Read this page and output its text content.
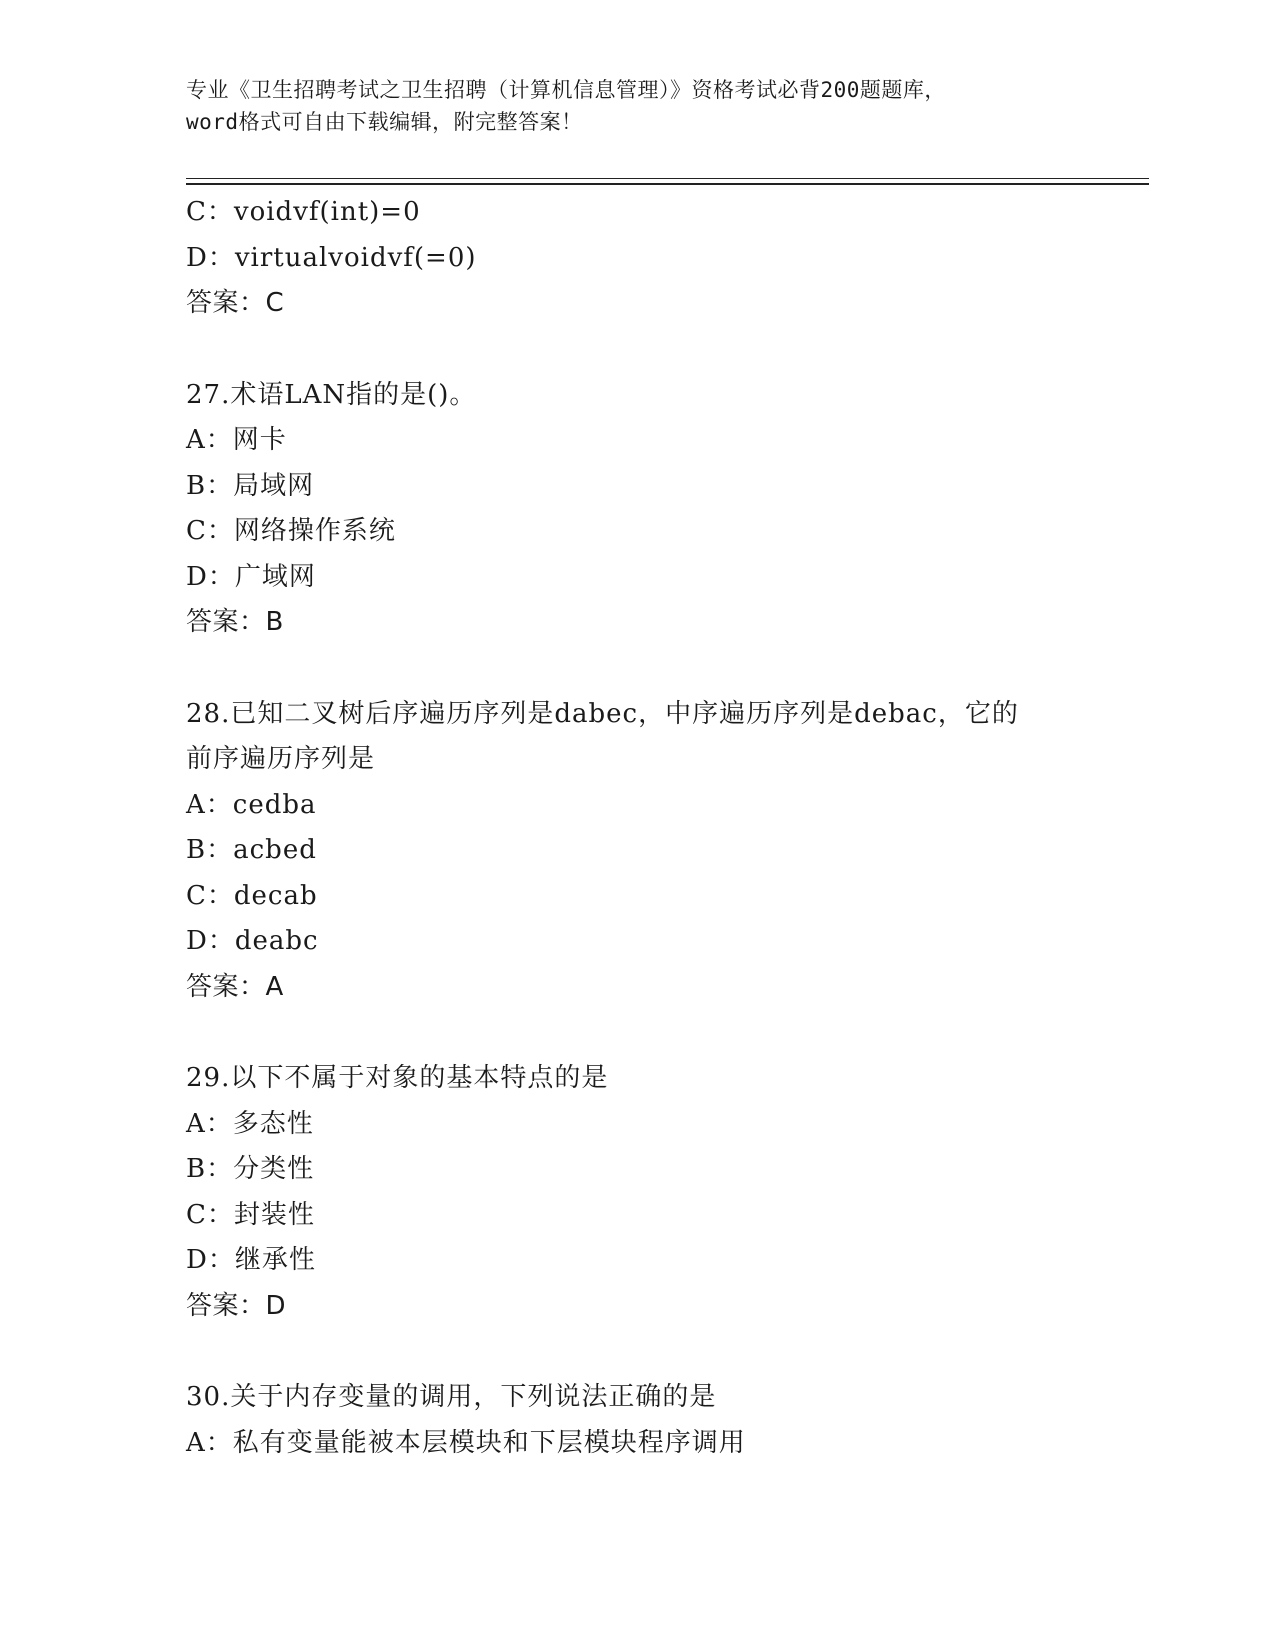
专业《卫生招聘考试之卫生招聘（计算机信息管理）》资格考试必背200题题库，
word格式可自由下载编辑，附完整答案！
C：voidvf(int)=0
D：virtualvoidvf(=0)
答案：C
27.术语LAN指的是()。
A：网卡
B：局域网
C：网络操作系统
D：广域网
答案：B
28.已知二叉树后序遍历序列是dabec，中序遍历序列是debac，它的
前序遍历序列是
A：cedba
B：acbed
C：decab
D：deabc
答案：A
29.以下不属于对象的基本特点的是
A：多态性
B：分类性
C：封装性
D：继承性
答案：D
30.关于内存变量的调用，下列说法正确的是
A：私有变量能被本层模块和下层模块程序调用
